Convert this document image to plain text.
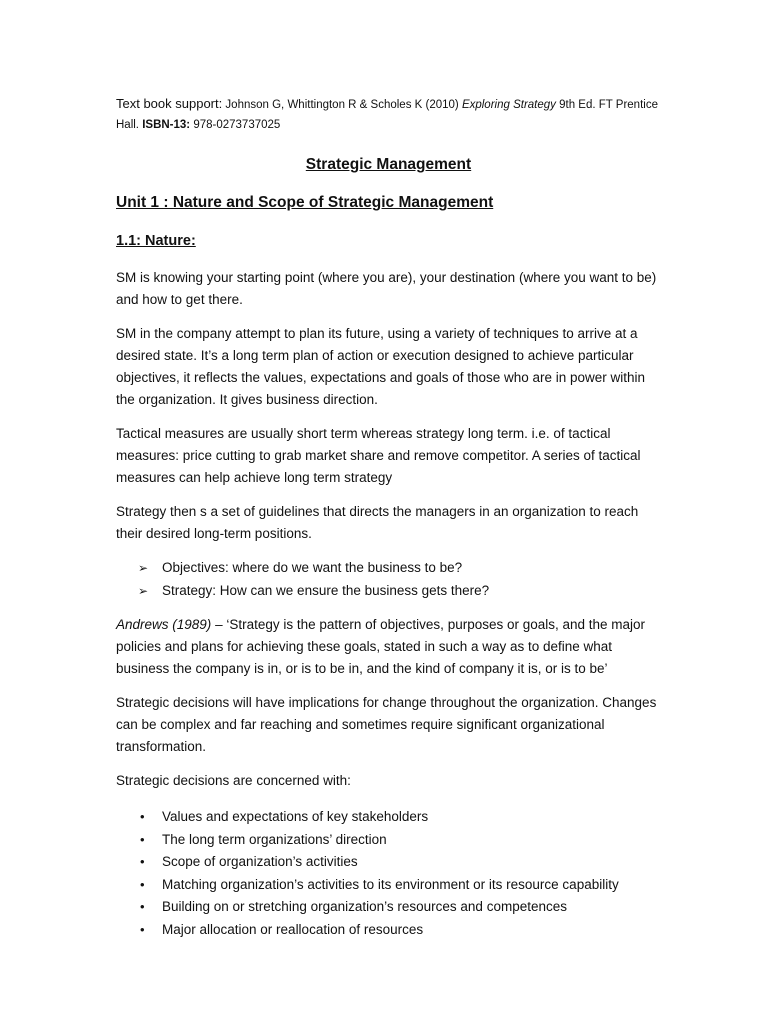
Text book support: Johnson G, Whittington R & Scholes K (2010) Exploring Strategy 9th Ed. FT Prentice Hall. ISBN-13: 978-0273737025

Strategic Management
Unit 1 : Nature and Scope of Strategic Management
1.1: Nature:

SM is knowing your starting point (where you are), your destination (where you want to be) and how to get there.

SM in the company attempt to plan its future, using a variety of techniques to arrive at a desired state. It’s a long term plan of action or execution designed to achieve particular objectives, it reflects the values, expectations and goals of those who are in power within the organization. It gives business direction.

Tactical measures are usually short term whereas strategy long term. i.e. of tactical measures: price cutting to grab market share and remove competitor. A series of tactical measures can help achieve long term strategy

Strategy then s a set of guidelines that directs the managers in an organization to reach their desired long-term positions.

➢ Objectives: where do we want the business to be?
➢ Strategy: How can we ensure the business gets there?

Andrews (1989) – ‘Strategy is the pattern of objectives, purposes or goals, and the major policies and plans for achieving these goals, stated in such a way as to define what business the company is in, or is to be in, and the kind of company it is, or is to be’

Strategic decisions will have implications for change throughout the organization. Changes can be complex and far reaching and sometimes require significant organizational transformation.

Strategic decisions are concerned with:

• Values and expectations of key stakeholders
• The long term organizations’ direction
• Scope of organization’s activities
• Matching organization’s activities to its environment or its resource capability
• Building on or stretching organization’s resources and competences
• Major allocation or reallocation of resources
